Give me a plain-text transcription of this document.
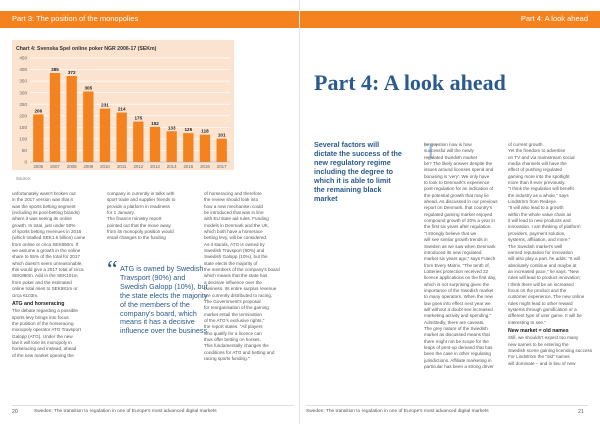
Part 3: The position of the monopolies
Chart 4: Svenska Spel online poker NGR 2006-17 (SEKm)
0
50
100
150
200
250
300
350
400
450
206
2006
385
2007
372
2008
305
2009
231
2010
214
2011
175
2012
152
2013
133
2014
125
2015
118
2016
101
2017
Source:

unfortunately wasn't broken out

in the 2017 version was that it

was the sports betting segment

(including its pool-betting brands)

where it was seeing its online

growth. In total, just under 50%

of sports betting revenues in 2016

(which totalled SEK1.6 billion) came

from online or circa SEK850m. If

we assume a growth in the online

share to 55% of the total for 2017

which doesn't seem unreasonable,

this would give a 2017 total of circa

SEK880m. Add in the SEK101m

from poker and the estimated

online total rises to SEK981m or

circa €103m.

ATG and horseracing

The debate regarding a possible

sports levy brings into focus

the position of the horseracing

monopoly operator ATG Travsport

Galopp (ATG). Under the new

law it will lose its monopoly in

horseracing and instead, ahead

of the new market opening the

company in currently in talks with

sport trade and supplier friends to

provide a platform in readiness

for 1 January.

The finance ministry report

pointed out that the move away

from its monopoly position would

entail changes to the funding

“ ATG is owned by Swedish Travsport (90%) and Swedish Galopp (10%), but the state elects the majority of the members of the company's board, which means it has a decisive influence over the business

of horseracing and therefore

the review should look into

how a new mechanism could

be introduced that was in line

with EU state aid rules. Funding

models in Denmark and the UK,

which both have a horserace

betting levy, will be considered.

As it stands, ATG is owned by

Swedish Travsport (90%) and

Swedish Galopp (10%), but the

state elects the majority of

the members of the company's board

which means that the state has

a decisive influence over the

business. Its entire surplus revenue

are currently distributed to racing.

The Government's proposal

for reorganisation of the gaming

market entail the termination

of the ATG's exclusive rights,"

the report states. "All players

who qualify for a licence can

thus offer betting on horses.

This fundamentally changes the

conditions for ATG and betting and

racing sports funding."

20	Sweden: The transition to regulation in one of Europe's most advanced digital markets
Part 4: A look ahead
Part 4: A look ahead
Several factors will dictate the success of the new regulatory regime including the degree to which it is able to limit the remaining black market
T

he question now is how

successful will the newly

regulated Swedish market

be? The likely answer despite the

issues around licenses spend and

bonusing is 'very'. We only have

to look to Denmark's experience

post-regulation for an indication of

the potential growth that may lie

ahead. As discussed in our previous

report on Denmark, that country's

regulated gaming market enjoyed

compound growth of 20% a year in

the first six years after regulation.

"I strongly believe that we

will see similar growth trends in

Sweden as we saw when Denmark

introduced its new regulated

market six years ago," says Futech

from Every Matrix. "The tenth of,

Lotteries protection received 22

licence applications on the first day,

which is not surprising given the

importance of the Swedish market

to many operators. When the new

law goes into effect next year we

will without a doubt see increased

marketing activity and spending."

Admittedly, there are caveats.

The grey nature of the Swedish

market as discussed means that

there might not be scope for the

leaps of pent-up demand that has

been the case in other regulating

jurisdictions. Affiliate marketing in

particular has been a strong driver

of current growth.

Yet the freedom to advertise

on TV and via mainstream social

media channels will have the

effect of pushing regulated

gaming more into the spotlight

more than it ever previously.

"I think the regulation will benefit

the industry as a whole," says

Lindström from Redeye.

"It will also lead to a growth

within the whole value chain as

it will lead to new products and

innovation. I am thinking of platform

providers, payment solution,

systems, affiliation, and more."

The Swedish market's well

earned reputation for innovation

will also play a part, he adds: "It will

absolutely continue and maybe at

an increased pace," he says. "New

rules will lead to product innovation;

I think there will be an increased

focus on the product and the

customer experience. The new online

rules might lead to other reward

systems through gamification or a

different type of user game. It will be

interesting to see."

New market = old names

Still, we shouldn't expect too many

new names to be entering the

Swedish scene gaining licensing success

For Lindström the "old" names

will dominate – and in lieu of new

Sweden: The transition to regulation in one of Europe's most advanced digital markets	21
